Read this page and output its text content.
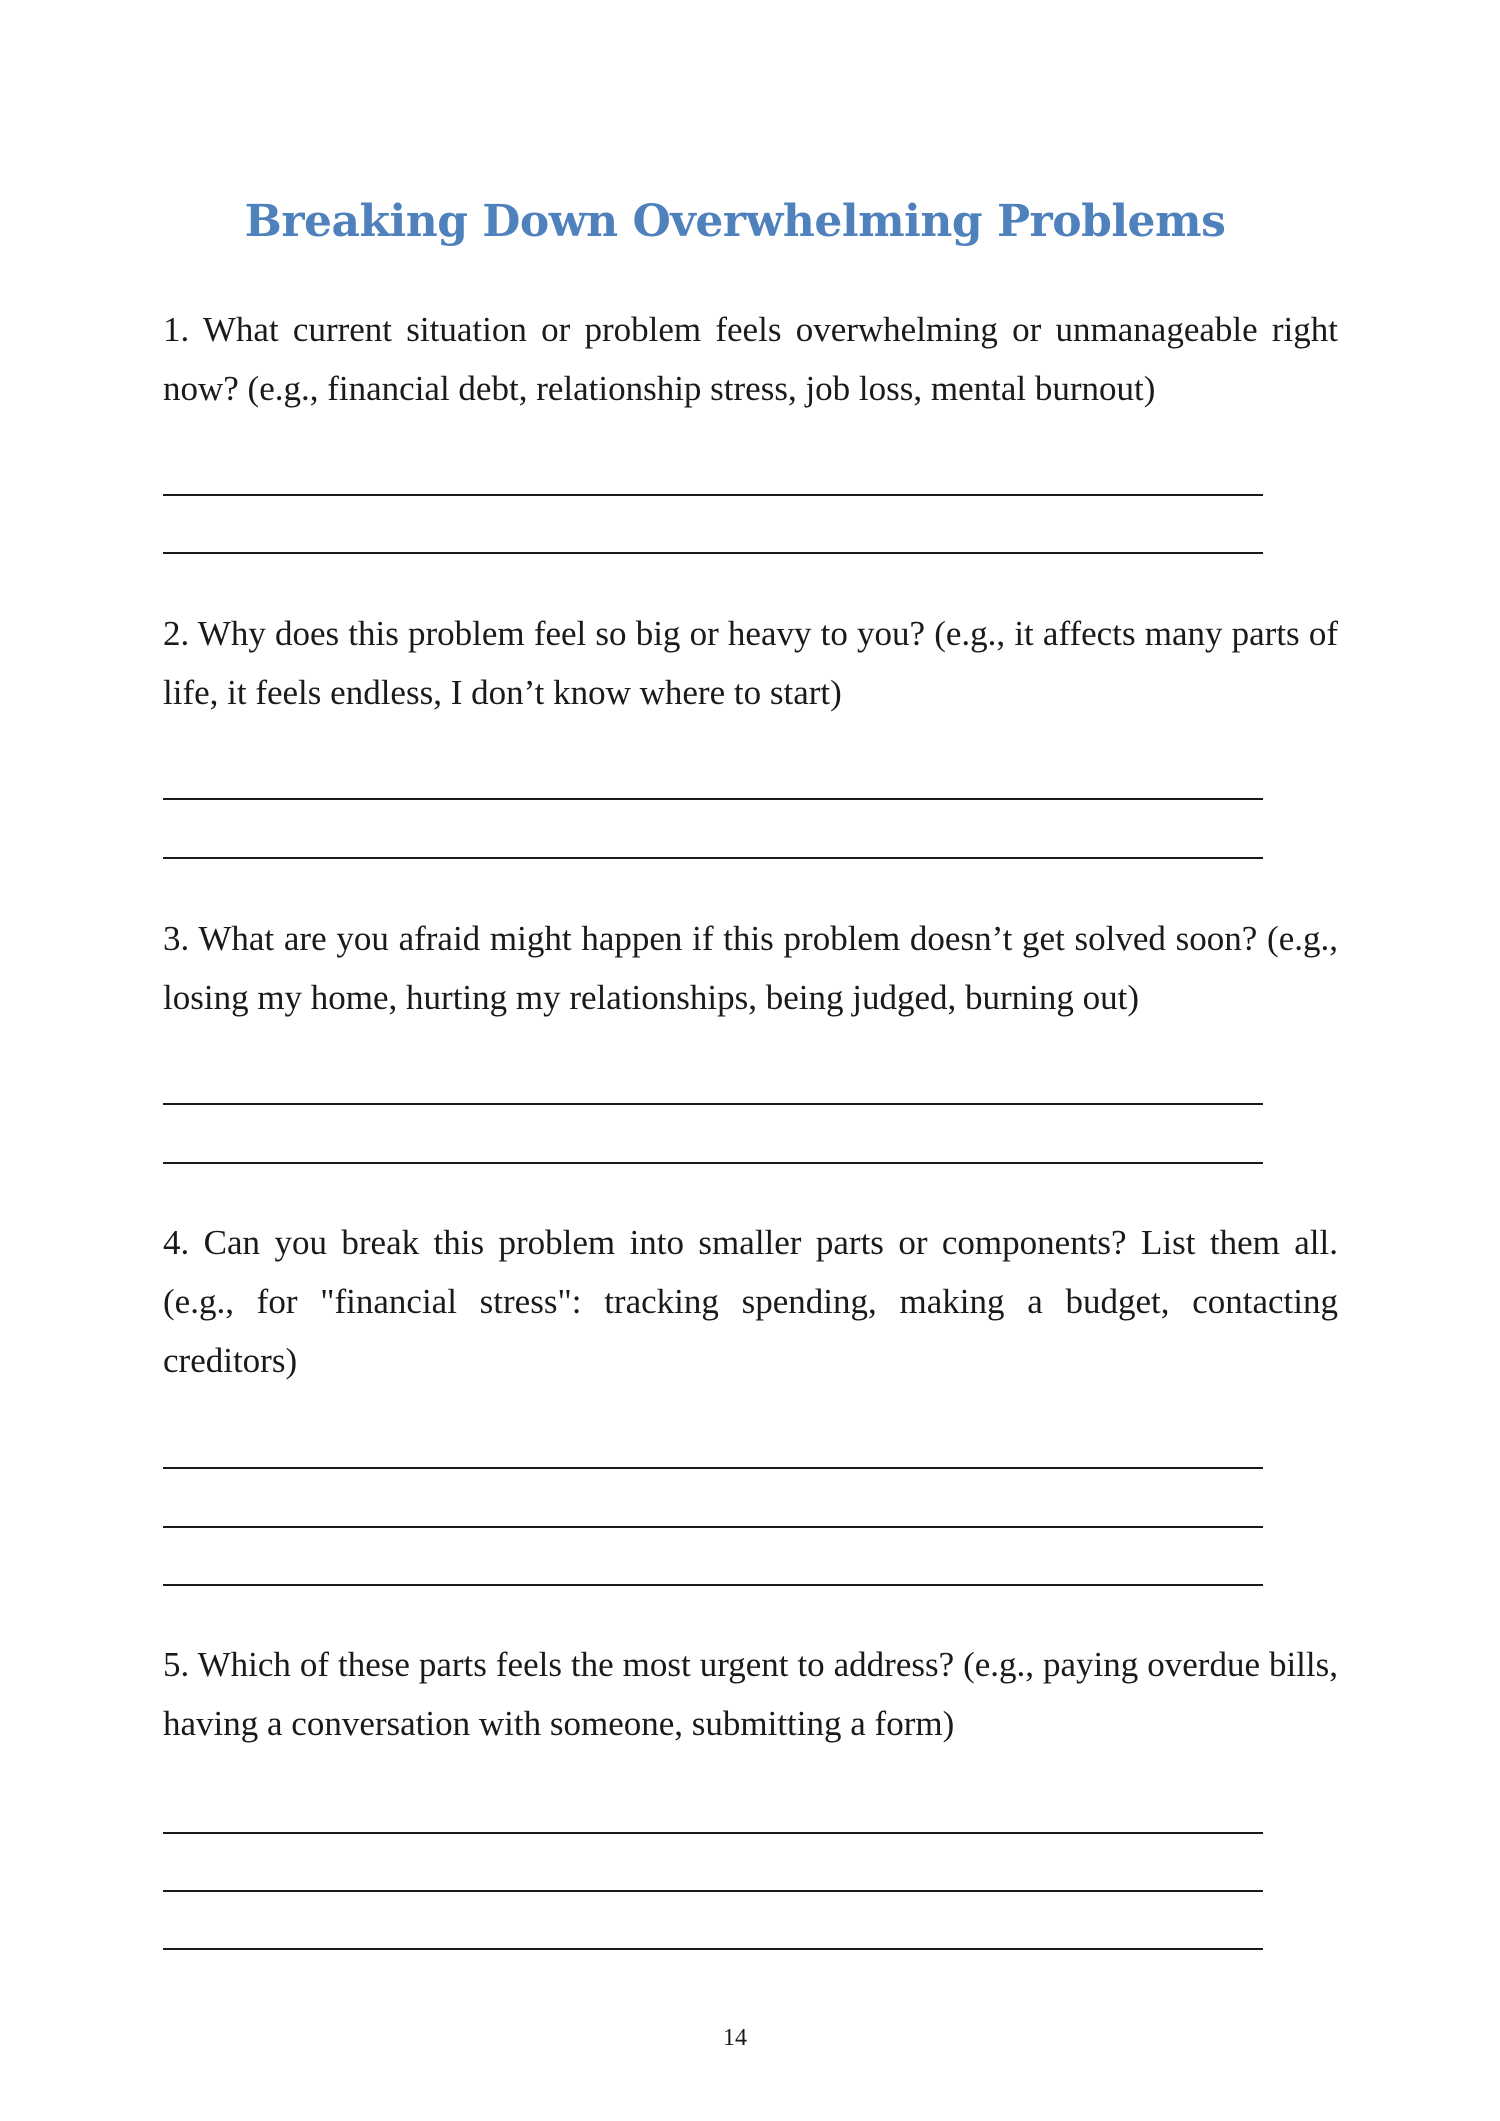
Breaking Down Overwhelming Problems

1. What current situation or problem feels overwhelming or unmanageable right now? (e.g., financial debt, relationship stress, job loss, mental burnout)

2. Why does this problem feel so big or heavy to you? (e.g., it affects many parts of life, it feels endless, I don’t know where to start)

3. What are you afraid might happen if this problem doesn’t get solved soon? (e.g., losing my home, hurting my relationships, being judged, burning out)

4. Can you break this problem into smaller parts or components? List them all. (e.g., for "financial stress": tracking spending, making a budget, contacting creditors)

5. Which of these parts feels the most urgent to address? (e.g., paying overdue bills, having a conversation with someone, submitting a form)

14
